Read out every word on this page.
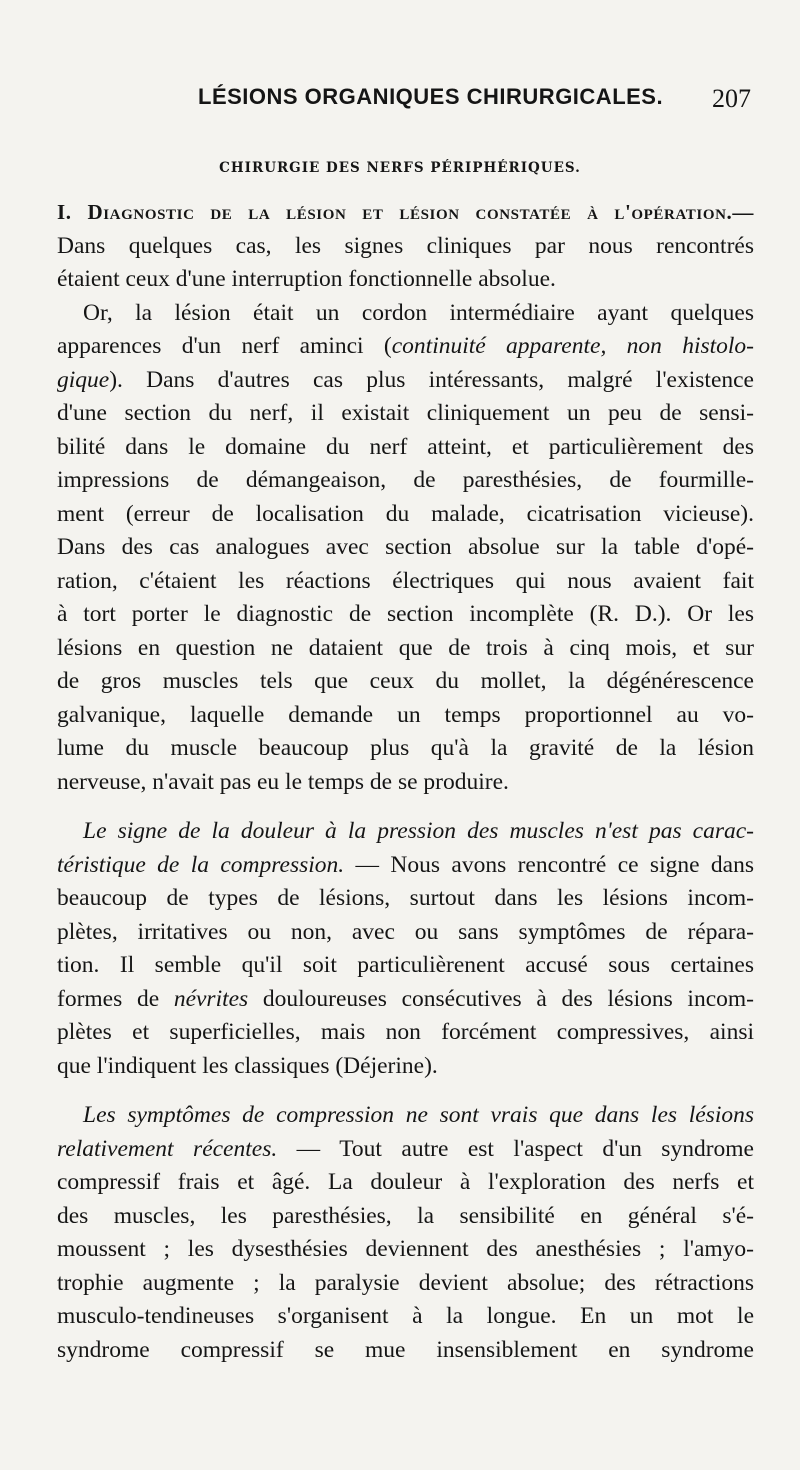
LÉSIONS ORGANIQUES CHIRURGICALES. 207
CHIRURGIE DES NERFS PÉRIPHÉRIQUES.
I. Diagnostic de la lésion et lésion constatée à l'opération.—
Dans quelques cas, les signes cliniques par nous rencontrés
étaient ceux d'une interruption fonctionnelle absolue.
Or, la lésion était un cordon intermédiaire ayant quelques
apparences d'un nerf aminci (continuité apparente, non histolo-
gique). Dans d'autres cas plus intéressants, malgré l'existence
d'une section du nerf, il existait cliniquement un peu de sensi-
bilité dans le domaine du nerf atteint, et particulièrement des
impressions de démangeaison, de paresthésies, de fourmille-
ment (erreur de localisation du malade, cicatrisation vicieuse).
Dans des cas analogues avec section absolue sur la table d'opé-
ration, c'étaient les réactions électriques qui nous avaient fait
à tort porter le diagnostic de section incomplète (R. D.). Or les
lésions en question ne dataient que de trois à cinq mois, et sur
de gros muscles tels que ceux du mollet, la dégénérescence
galvanique, laquelle demande un temps proportionnel au vo-
lume du muscle beaucoup plus qu'à la gravité de la lésion
nerveuse, n'avait pas eu le temps de se produire.
Le signe de la douleur à la pression des muscles n'est pas carac-
téristique de la compression. — Nous avons rencontré ce signe dans
beaucoup de types de lésions, surtout dans les lésions incom-
plètes, irritatives ou non, avec ou sans symptômes de répara-
tion. Il semble qu'il soit particulièrenent accusé sous certaines
formes de névrites douloureuses consécutives à des lésions incom-
plètes et superficielles, mais non forcément compressives, ainsi
que l'indiquent les classiques (Déjerine).
Les symptômes de compression ne sont vrais que dans les lésions
relativement récentes. — Tout autre est l'aspect d'un syndrome
compressif frais et âgé. La douleur à l'exploration des nerfs et
des muscles, les paresthésies, la sensibilité en général s'é-
moussent ; les dysesthésies deviennent des anesthésies ; l'amyo-
trophie augmente ; la paralysie devient absolue; des rétractions
musculo-tendineuses s'organisent à la longue. En un mot le
syndrome compressif se mue insensiblement en syndrome
